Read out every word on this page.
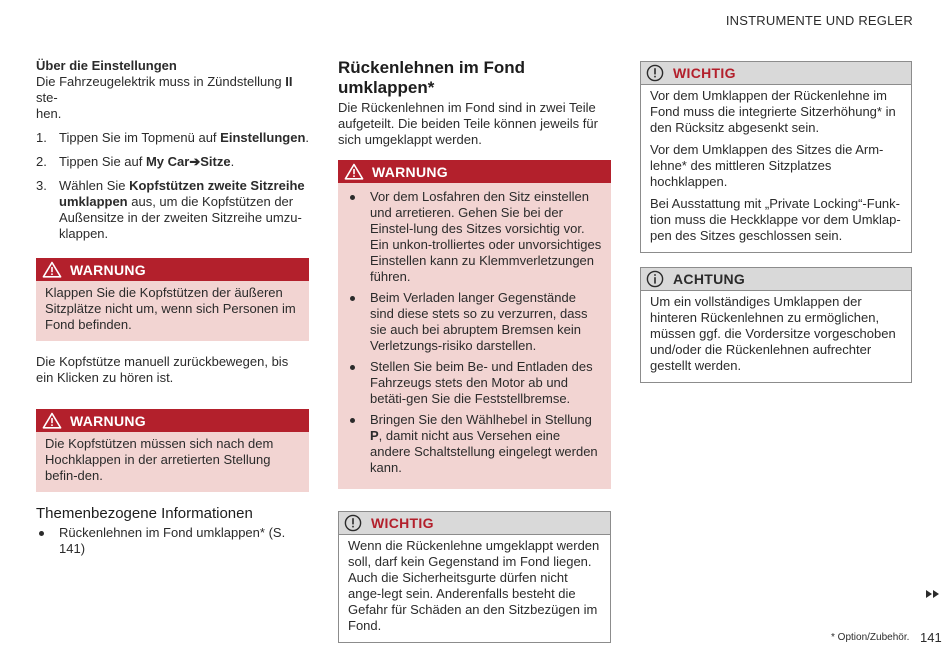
INSTRUMENTE UND REGLER

Über die Einstellungen

Die Fahrzeugelektrik muss in Zündstellung II ste-
hen.

1. Tippen Sie im Topmenü auf Einstellungen.
2. Tippen Sie auf My Car➔Sitze.
3. Wählen Sie Kopfstützen zweite Sitzreihe umklappen aus, um die Kopfstützen der Außensitze in der zweiten Sitzreihe umzu-klappen.
WARNUNG
Klappen Sie die Kopfstützen der äußeren Sitzplätze nicht um, wenn sich Personen im Fond befinden.

Die Kopfstütze manuell zurückbewegen, bis ein Klicken zu hören ist.

WARNUNG
Die Kopfstützen müssen sich nach dem Hochklappen in der arretierten Stellung befin-den.
Themenbezogene Informationen
Rückenlehnen im Fond umklappen* (S. 141)
Rückenlehnen im Fond umklappen*

Die Rückenlehnen im Fond sind in zwei Teile aufgeteilt. Die beiden Teile können jeweils für sich umgeklappt werden.

WARNUNG
Vor dem Losfahren den Sitz einstellen und arretieren. Gehen Sie bei der Einstel-lung des Sitzes vorsichtig vor. Ein unkon-trolliertes oder unvorsichtiges Einstellen kann zu Klemmverletzungen führen.
Beim Verladen langer Gegenstände sind diese stets so zu verzurren, dass sie auch bei abruptem Bremsen kein Verletzungs-risiko darstellen.
Stellen Sie beim Be- und Entladen des Fahrzeugs stets den Motor ab und betäti-gen Sie die Feststellbremse.
Bringen Sie den Wählhebel in Stellung P, damit nicht aus Versehen eine andere Schaltstellung eingelegt werden kann.
WICHTIG
Wenn die Rückenlehne umgeklappt werden soll, darf kein Gegenstand im Fond liegen. Auch die Sicherheitsgurte dürfen nicht ange-legt sein. Anderenfalls besteht die Gefahr für Schäden an den Sitzbezügen im Fond.
WICHTIG

Vor dem Umklappen der Rückenlehne im Fond muss die integrierte Sitzerhöhung* in den Rücksitz abgesenkt sein.

Vor dem Umklappen des Sitzes die Arm-lehne* des mittleren Sitzplatzes hochklappen.

Bei Ausstattung mit „Private Locking“-Funk-tion muss die Heckklappe vor dem Umklap-pen des Sitzes geschlossen sein.

ACHTUNG
Um ein vollständiges Umklappen der hinteren Rückenlehnen zu ermöglichen, müssen ggf. die Vordersitze vorgeschoben und/oder die Rückenlehnen aufrechter gestellt werden.
* Option/Zubehör. 141
